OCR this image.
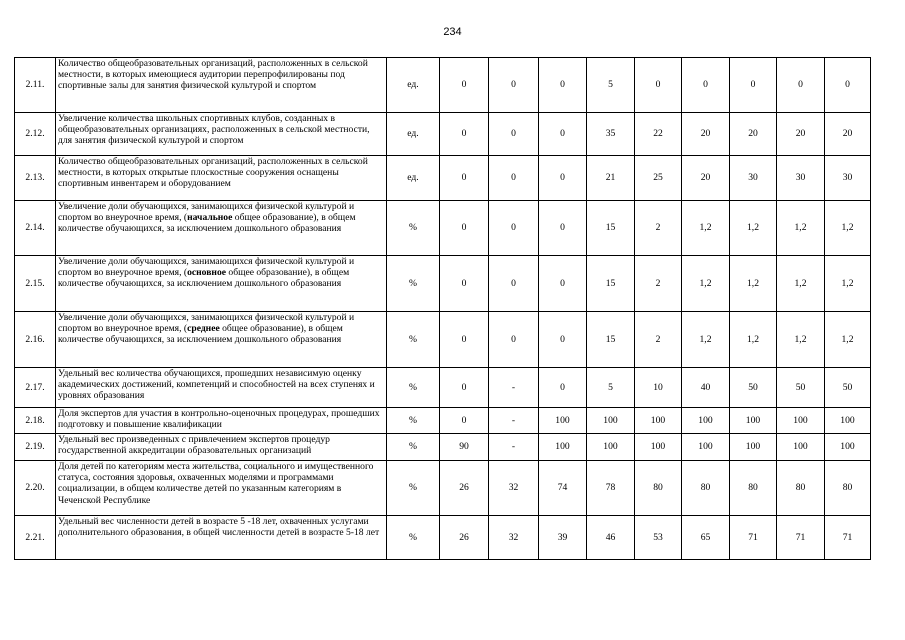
234
2.11.	Количество общеобразовательных организаций, расположенных в сельской местности, в которых имеющиеся аудитории перепрофилированы под спортивные залы для занятия физической культурой и спортом	ед.	0	0	0	5	0	0	0	0	0
2.12.	Увеличение количества школьных спортивных клубов, созданных в общеобразовательных организациях, расположенных в сельской местности, для занятия физической культурой и спортом	ед.	0	0	0	35	22	20	20	20	20
2.13.	Количество общеобразовательных организаций, расположенных в сельской местности, в которых открытые плоскостные сооружения оснащены спортивным инвентарем и оборудованием	ед.	0	0	0	21	25	20	30	30	30
2.14.	Увеличение доли обучающихся, занимающихся физической культурой и спортом во внеурочное время, (начальное общее образование), в общем количестве обучающихся, за исключением дошкольного образования	%	0	0	0	15	2	1,2	1,2	1,2	1,2
2.15.	Увеличение доли обучающихся, занимающихся физической культурой и спортом во внеурочное время, (основное общее образование), в общем количестве обучающихся, за исключением дошкольного образования	%	0	0	0	15	2	1,2	1,2	1,2	1,2
2.16.	Увеличение доли обучающихся, занимающихся физической культурой и спортом во внеурочное время, (среднее общее образование), в общем количестве обучающихся, за исключением дошкольного образования	%	0	0	0	15	2	1,2	1,2	1,2	1,2
2.17.	Удельный вес количества обучающихся, прошедших независимую оценку академических достижений, компетенций и способностей на всех ступенях и уровнях образования	%	0	-	0	5	10	40	50	50	50
2.18.	Доля экспертов для участия в контрольно-оценочных процедурах, прошедших подготовку и повышение квалификации	%	0	-	100	100	100	100	100	100	100
2.19.	Удельный вес произведенных с привлечением экспертов процедур государственной аккредитации образовательных организаций	%	90	-	100	100	100	100	100	100	100
2.20.	Доля детей по категориям места жительства, социального и имущественного статуса, состояния здоровья, охваченных моделями и программами социализации, в общем количестве детей по указанным категориям в Чеченской Республике	%	26	32	74	78	80	80	80	80	80
2.21.	Удельный вес численности детей в возрасте 5 -18 лет, охваченных услугами дополнительного образования, в общей численности детей в возрасте 5-18 лет	%	26	32	39	46	53	65	71	71	71
